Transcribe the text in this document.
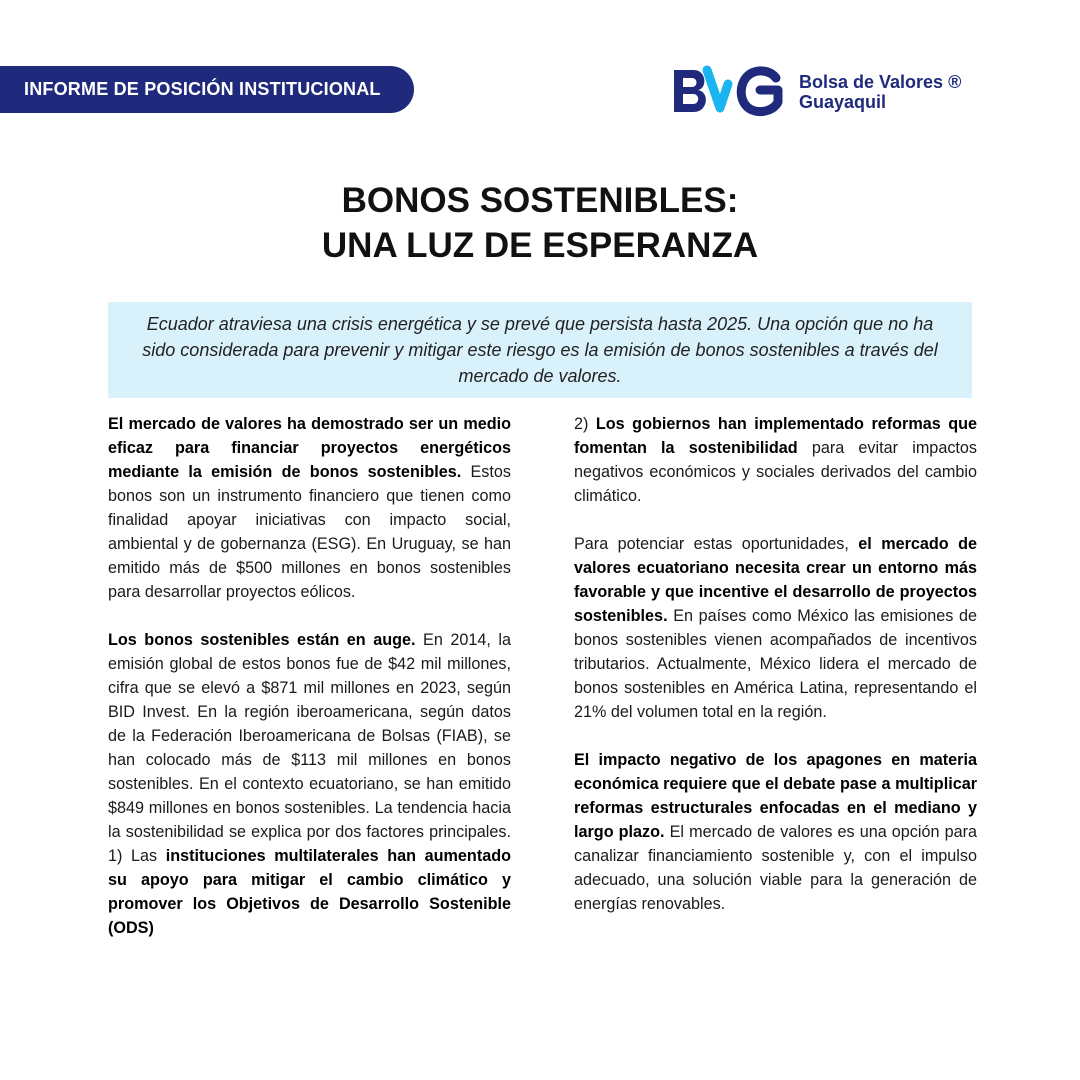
INFORME DE POSICIÓN INSTITUCIONAL	Bolsa de Valores ®
Guayaquil
BONOS SOSTENIBLES:
UNA LUZ DE ESPERANZA
Ecuador atraviesa una crisis energética y se prevé que persista hasta 2025. Una opción que no ha sido considerada para prevenir y mitigar este riesgo es la emisión de bonos sostenibles a través del mercado de valores.

El mercado de valores ha demostrado ser un medio eficaz para financiar proyectos energéticos mediante la emisión de bonos sostenibles. Estos bonos son un instrumento financiero que tienen como finalidad apoyar iniciativas con impacto social, ambiental y de gobernanza (ESG). En Uruguay, se han emitido más de $500 millones en bonos sostenibles para desarrollar proyectos eólicos.

Los bonos sostenibles están en auge. En 2014, la emisión global de estos bonos fue de $42 mil millones, cifra que se elevó a $871 mil millones en 2023, según BID Invest. En la región iberoamericana, según datos de la Federación Iberoamericana de Bolsas (FIAB), se han colocado más de $113 mil millones en bonos sostenibles. En el contexto ecuatoriano, se han emitido $849 millones en bonos sostenibles. La tendencia hacia la sostenibilidad se explica por dos factores principales. 1) Las instituciones multilaterales han aumentado su apoyo para mitigar el cambio climático y promover los Objetivos de Desarrollo Sostenible (ODS)

2) Los gobiernos han implementado reformas que fomentan la sostenibilidad para evitar impactos negativos económicos y sociales derivados del cambio climático.

Para potenciar estas oportunidades, el mercado de valores ecuatoriano necesita crear un entorno más favorable y que incentive el desarrollo de proyectos sostenibles. En países como México las emisiones de bonos sostenibles vienen acompañados de incentivos tributarios. Actualmente, México lidera el mercado de bonos sostenibles en América Latina, representando el 21% del volumen total en la región.

El impacto negativo de los apagones en materia económica requiere que el debate pase a multiplicar reformas estructurales enfocadas en el mediano y largo plazo. El mercado de valores es una opción para canalizar financiamiento sostenible y, con el impulso adecuado, una solución viable para la generación de energías renovables.
